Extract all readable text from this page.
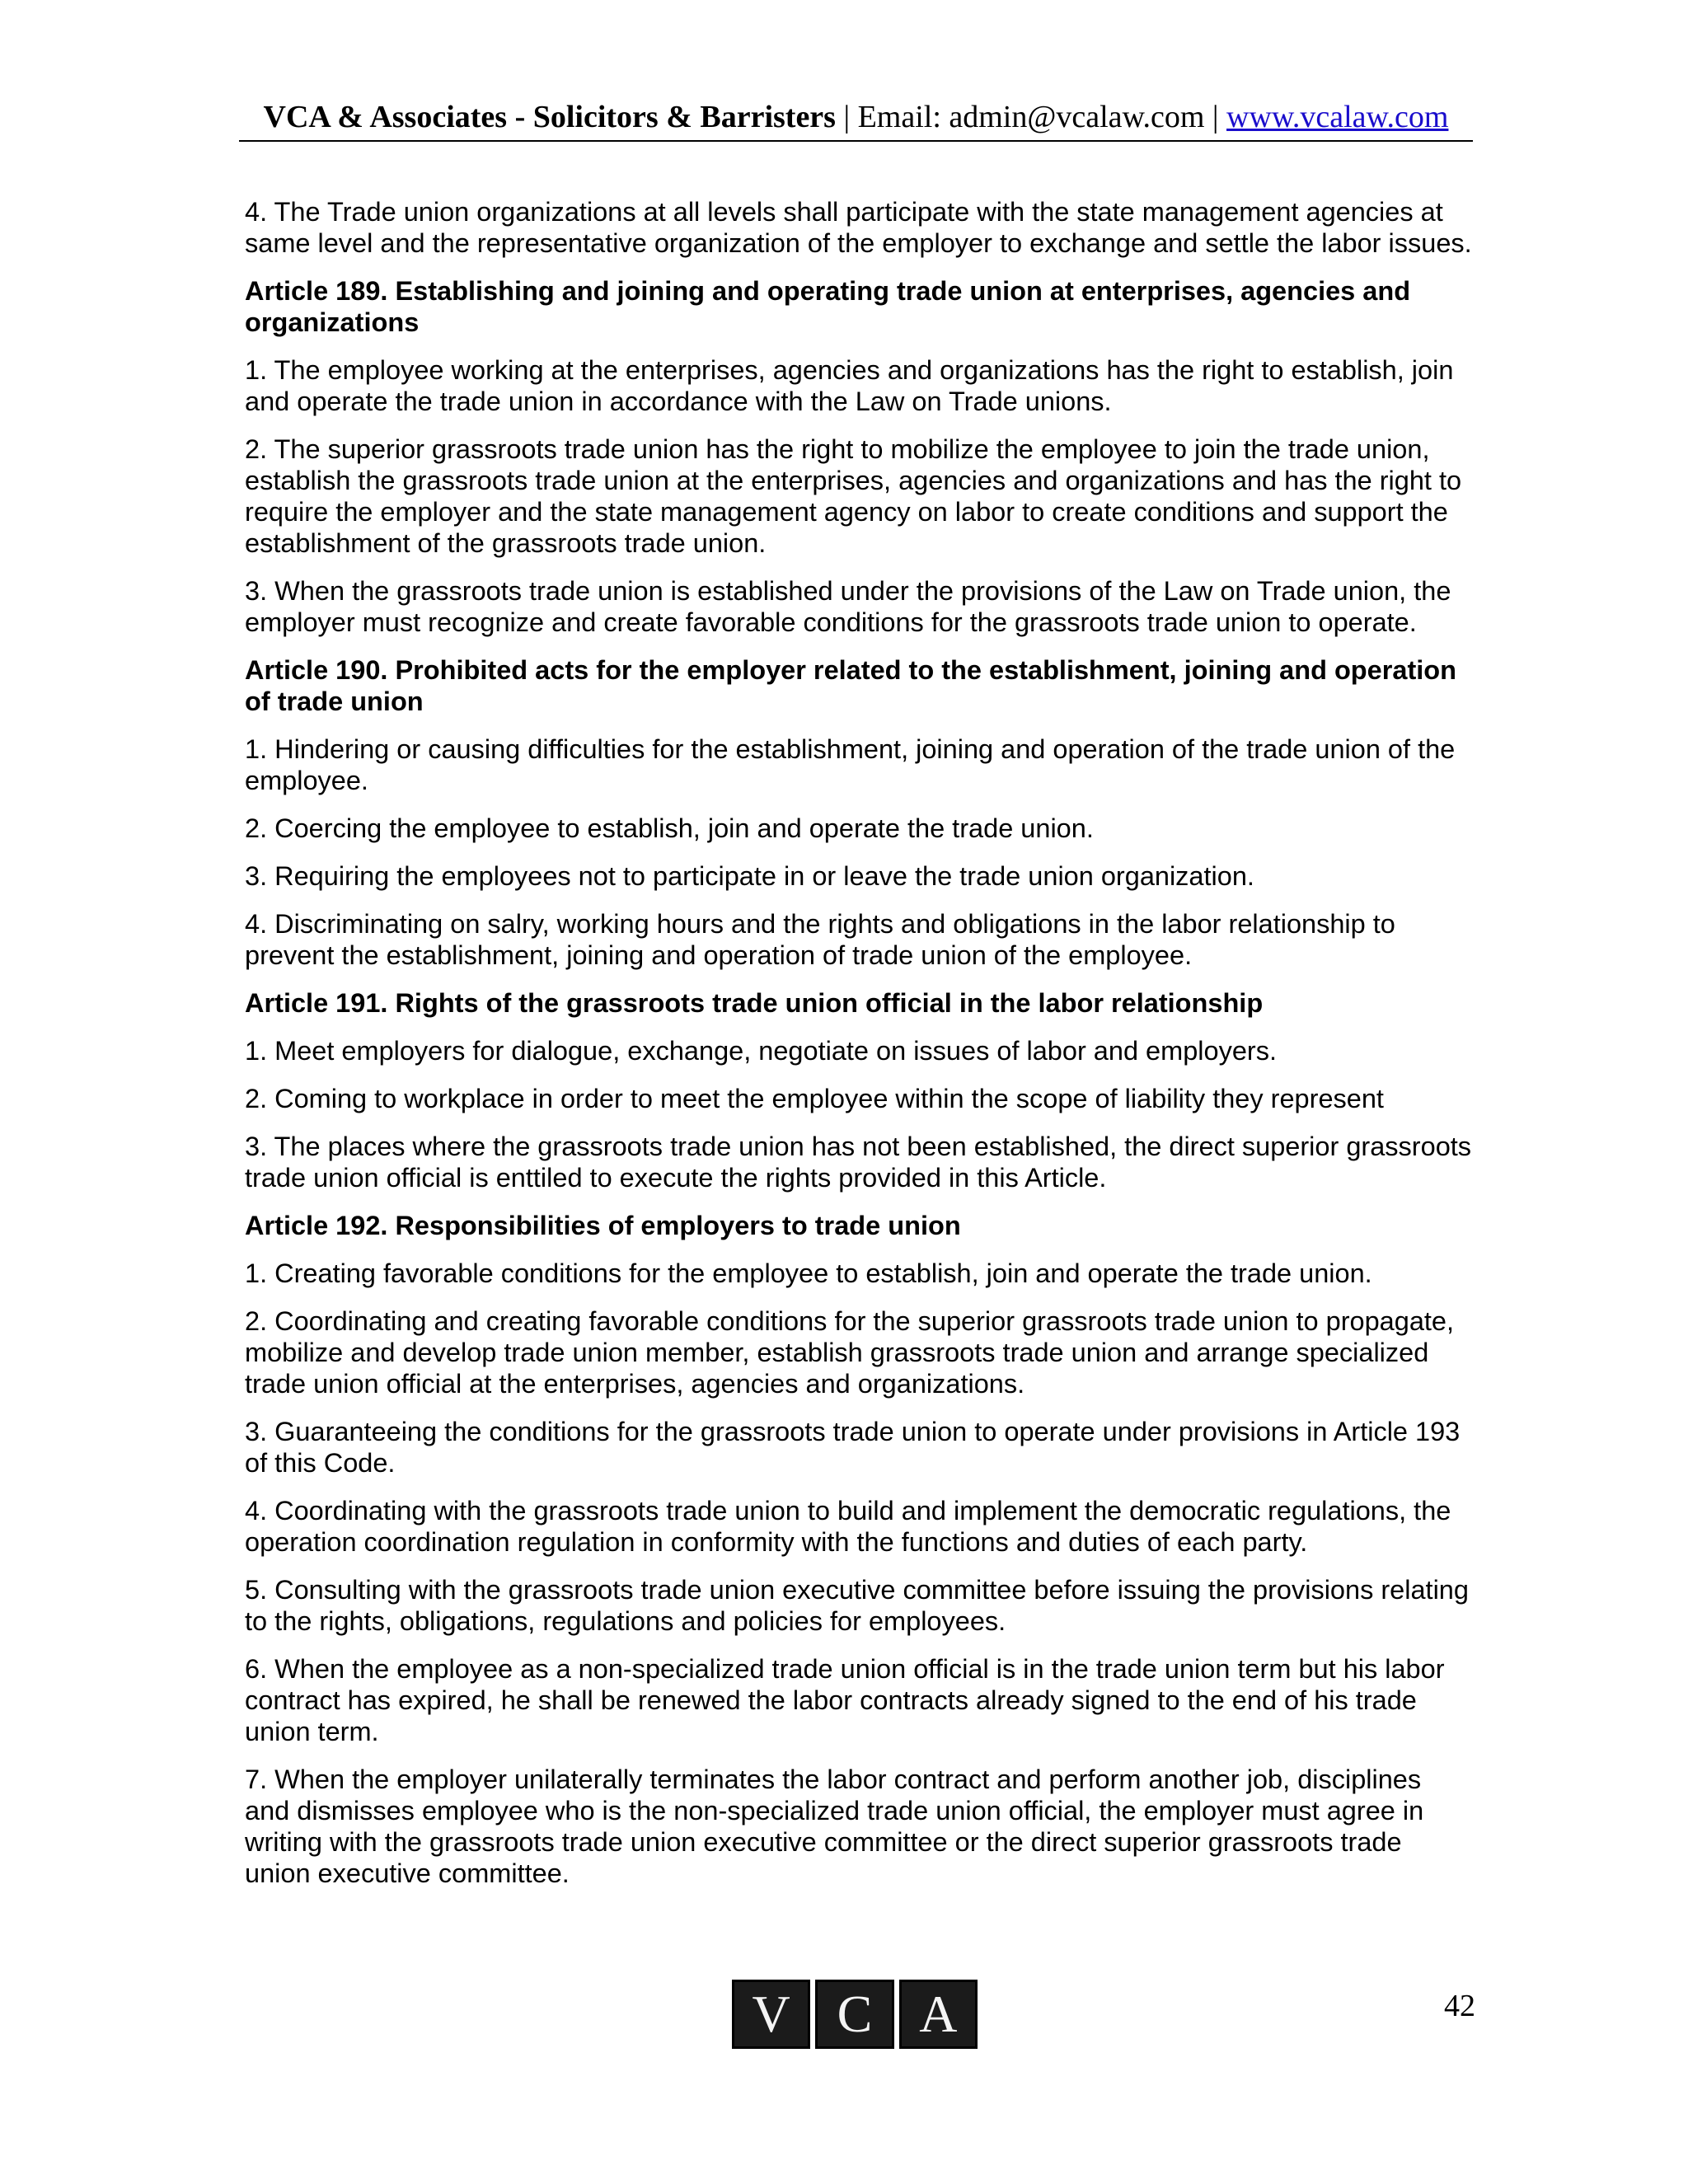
VCA & Associates - Solicitors & Barristers | Email: admin@vcalaw.com | www.vcalaw.com

4. The Trade union organizations at all levels shall participate with the state management agencies at same level and the representative organization of the employer to exchange and settle the labor issues.

Article 189. Establishing and joining and operating trade union at enterprises, agencies and organizations

1. The employee working at the enterprises, agencies and organizations has the right to establish, join and operate the trade union in accordance with the Law on Trade unions.

2. The superior grassroots trade union has the right to mobilize the employee to join the trade union, establish the grassroots trade union at the enterprises, agencies and organizations and has the right to require the employer and the state management agency on labor to create conditions and support the establishment of the grassroots trade union.

3. When the grassroots trade union is established under the provisions of the Law on Trade union, the employer must recognize and create favorable conditions for the grassroots trade union to operate.

Article 190. Prohibited acts for the employer related to the establishment, joining and operation of trade union

1. Hindering or causing difficulties for the establishment, joining and operation of the trade union of the employee.

2. Coercing the employee to establish, join and operate the trade union.

3. Requiring the employees not to participate in or leave the trade union organization.

4. Discriminating on salry, working hours and the rights and obligations in the labor relationship to prevent the establishment, joining and operation of trade union of the employee.

Article 191. Rights of the grassroots trade union official in the labor relationship

1. Meet employers for dialogue, exchange, negotiate on issues of labor and employers.

2. Coming to workplace in order to meet the employee within the scope of liability they represent

3. The places where the grassroots trade union has not been established, the direct superior grassroots trade union official is enttiled to execute the rights provided in this Article.

Article 192. Responsibilities of employers to trade union

1. Creating favorable conditions for the employee to establish, join and operate the trade union.

2. Coordinating and creating favorable conditions for the superior grassroots trade union to propagate, mobilize and develop trade union member, establish grassroots trade union and arrange specialized trade union official at the enterprises, agencies and organizations.

3. Guaranteeing the conditions for the grassroots trade union to operate under provisions in Article 193 of this Code.

4. Coordinating with the grassroots trade union to build and implement the democratic regulations, the operation coordination regulation in conformity with the functions and duties of each party.

5. Consulting with the grassroots trade union executive committee before issuing the provisions relating to the rights, obligations, regulations and policies for employees.

6. When the employee as a non-specialized trade union official is in the trade union term but his labor contract has expired, he shall be renewed the labor contracts already signed to the end of his trade union term.

7. When the employer unilaterally terminates the labor contract and perform another job, disciplines and dismisses employee who is the non-specialized trade union official, the employer must agree in writing with the grassroots trade union executive committee or the direct superior grassroots trade union executive committee.

V C A	42
